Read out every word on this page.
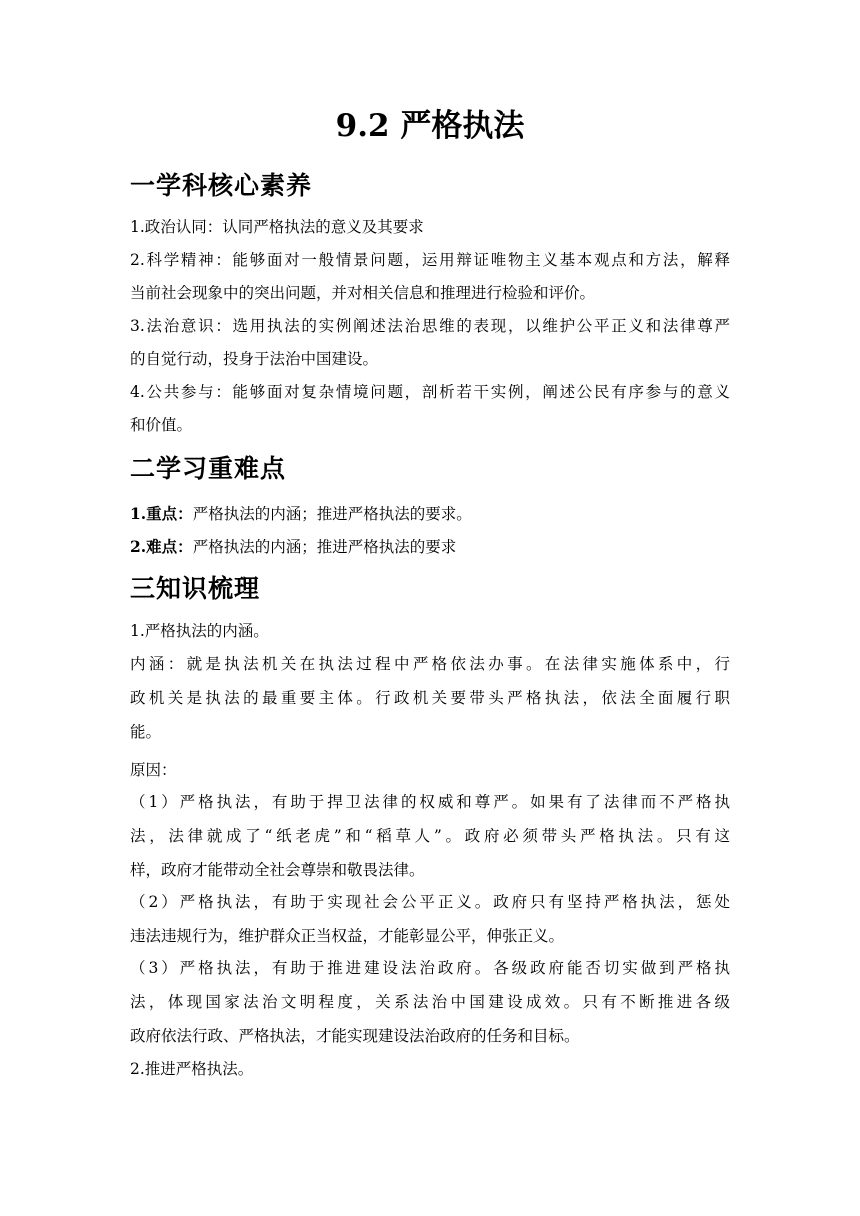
9.2 严格执法
一学科核心素养
1.政治认同：认同严格执法的意义及其要求
2.科学精神：能够面对一般情景问题，运用辩证唯物主义基本观点和方法，解释
当前社会现象中的突出问题，并对相关信息和推理进行检验和评价。
3.法治意识：选用执法的实例阐述法治思维的表现，以维护公平正义和法律尊严
的自觉行动，投身于法治中国建设。
4.公共参与：能够面对复杂情境问题，剖析若干实例，阐述公民有序参与的意义
和价值。
二学习重难点
1.重点：严格执法的内涵；推进严格执法的要求。
2.难点：严格执法的内涵；推进严格执法的要求
三知识梳理
1.严格执法的内涵。
内涵：就是执法机关在执法过程中严格依法办事。在法律实施体系中，行
政机关是执法的最重要主体。行政机关要带头严格执法，依法全面履行职
能。
原因：
（1）严格执法，有助于捍卫法律的权威和尊严。如果有了法律而不严格执
法，法律就成了“纸老虎”和“稻草人”。政府必须带头严格执法。只有这
样，政府才能带动全社会尊崇和敬畏法律。
（2）严格执法，有助于实现社会公平正义。政府只有坚持严格执法，惩处
违法违规行为，维护群众正当权益，才能彰显公平，伸张正义。
（3）严格执法，有助于推进建设法治政府。各级政府能否切实做到严格执
法，体现国家法治文明程度，关系法治中国建设成效。只有不断推进各级
政府依法行政、严格执法，才能实现建设法治政府的任务和目标。
2.推进严格执法。
